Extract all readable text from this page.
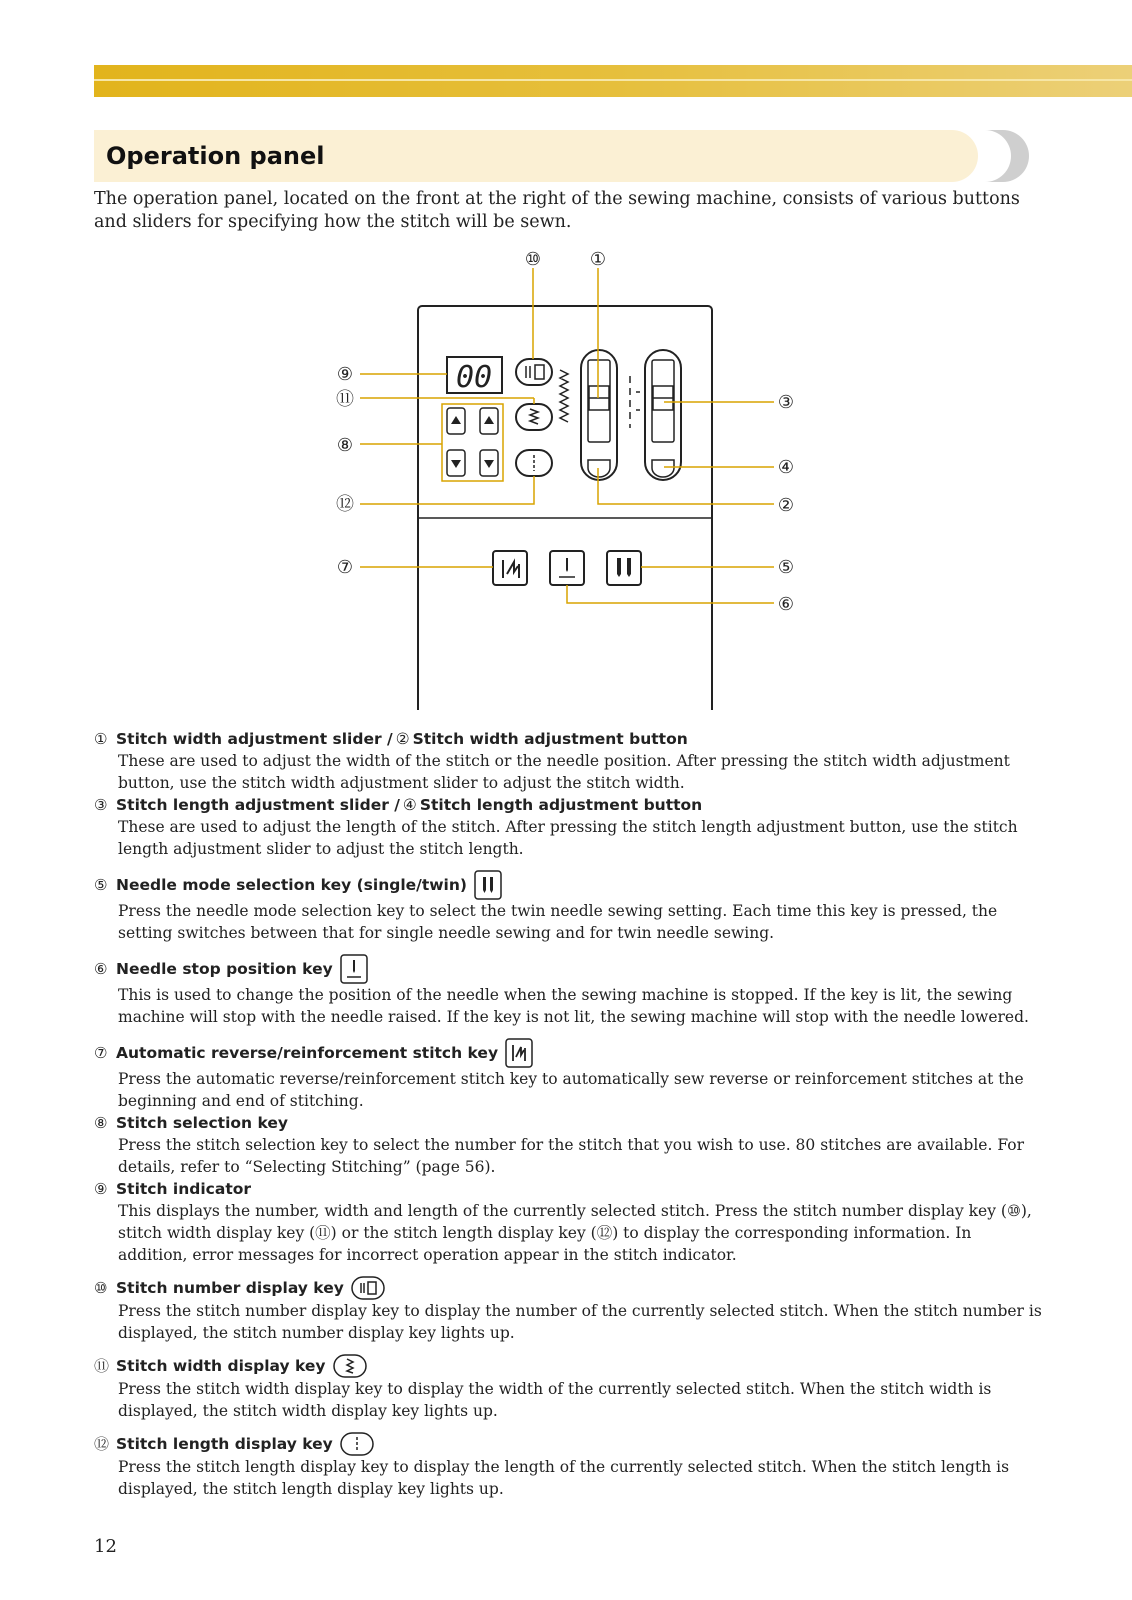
Operation panel
The operation panel, located on the front at the right of the sewing machine, consists of various buttons and sliders for specifying how the stitch will be sewn.
00
⑩	①
⑨
⑪
⑧
⑫
⑦
③
④
②
⑤
⑥
① Stitch width adjustment slider / ② Stitch width adjustment button
These are used to adjust the width of the stitch or the needle position. After pressing the stitch width adjustment button, use the stitch width adjustment slider to adjust the stitch width.
③ Stitch length adjustment slider / ④ Stitch length adjustment button
These are used to adjust the length of the stitch. After pressing the stitch length adjustment button, use the stitch length adjustment slider to adjust the stitch length.
⑤ Needle mode selection key (single/twin)
Press the needle mode selection key to select the twin needle sewing setting. Each time this key is pressed, the setting switches between that for single needle sewing and for twin needle sewing.
⑥ Needle stop position key
This is used to change the position of the needle when the sewing machine is stopped. If the key is lit, the sewing machine will stop with the needle raised. If the key is not lit, the sewing machine will stop with the needle lowered.
⑦ Automatic reverse/reinforcement stitch key
Press the automatic reverse/reinforcement stitch key to automatically sew reverse or reinforcement stitches at the beginning and end of stitching.
⑧ Stitch selection key
Press the stitch selection key to select the number for the stitch that you wish to use. 80 stitches are available. For details, refer to “Selecting Stitching” (page 56).
⑨ Stitch indicator
This displays the number, width and length of the currently selected stitch. Press the stitch number display key (⑩), stitch width display key (⑪) or the stitch length display key (⑫) to display the corresponding information. In addition, error messages for incorrect operation appear in the stitch indicator.
⑩ Stitch number display key
Press the stitch number display key to display the number of the currently selected stitch. When the stitch number is displayed, the stitch number display key lights up.
⑪ Stitch width display key
Press the stitch width display key to display the width of the currently selected stitch. When the stitch width is displayed, the stitch width display key lights up.
⑫ Stitch length display key
Press the stitch length display key to display the length of the currently selected stitch. When the stitch length is displayed, the stitch length display key lights up.
12
